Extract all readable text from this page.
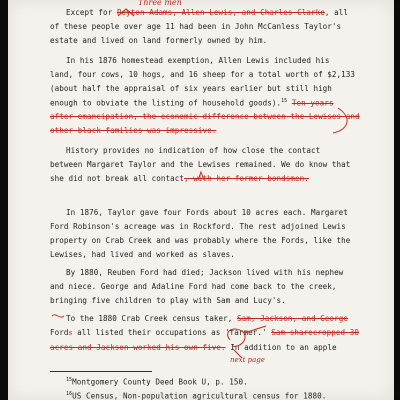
Except for Peyton Adams, Allen Lewis, and Charles Clarke, all
of these people over age 11 had been in John McCanless Taylor's
estate and lived on land formerly owned by him.
Three men
In his 1876 homestead exemption, Allen Lewis included his
land, four cows, 10 hogs, and 16 sheep for a total worth of $2,133
(about half the appraisal of six years earlier but still high
enough to obviate the listing of household goods).$^{15}$ Ten years
after emancipation, the economic difference between the Lewises and
other black families was impressive.
History provides no indication of how close the contact
between Margaret Taylor and the Lewises remained. We do know that
she did not break all contact, with her former bondsmen.
In 1876, Taylor gave four Fords about 10 acres each. Margaret
Ford Robinson's acreage was in Rockford. The rest adjoined Lewis
property on Crab Creek and was probably where the Fords, like the
Lewises, had lived and worked as slaves.
By 1880, Reuben Ford had died; Jackson lived with his nephew
and niece. George and Adaline Ford had come back to the creek,
bringing five children to play with Sam and Lucy's.
To the 1880 Crab Creek census taker, Sam, Jackson, and George
Fords all listed their occupations as 'farmer.' Sam sharecropped 30
acres and Jackson worked his own five. In addition to an apple
next page
$^{15}$Montgomery County Deed Book U, p. 150.
$^{16}$US Census, Non-population agricultural census for 1880.
